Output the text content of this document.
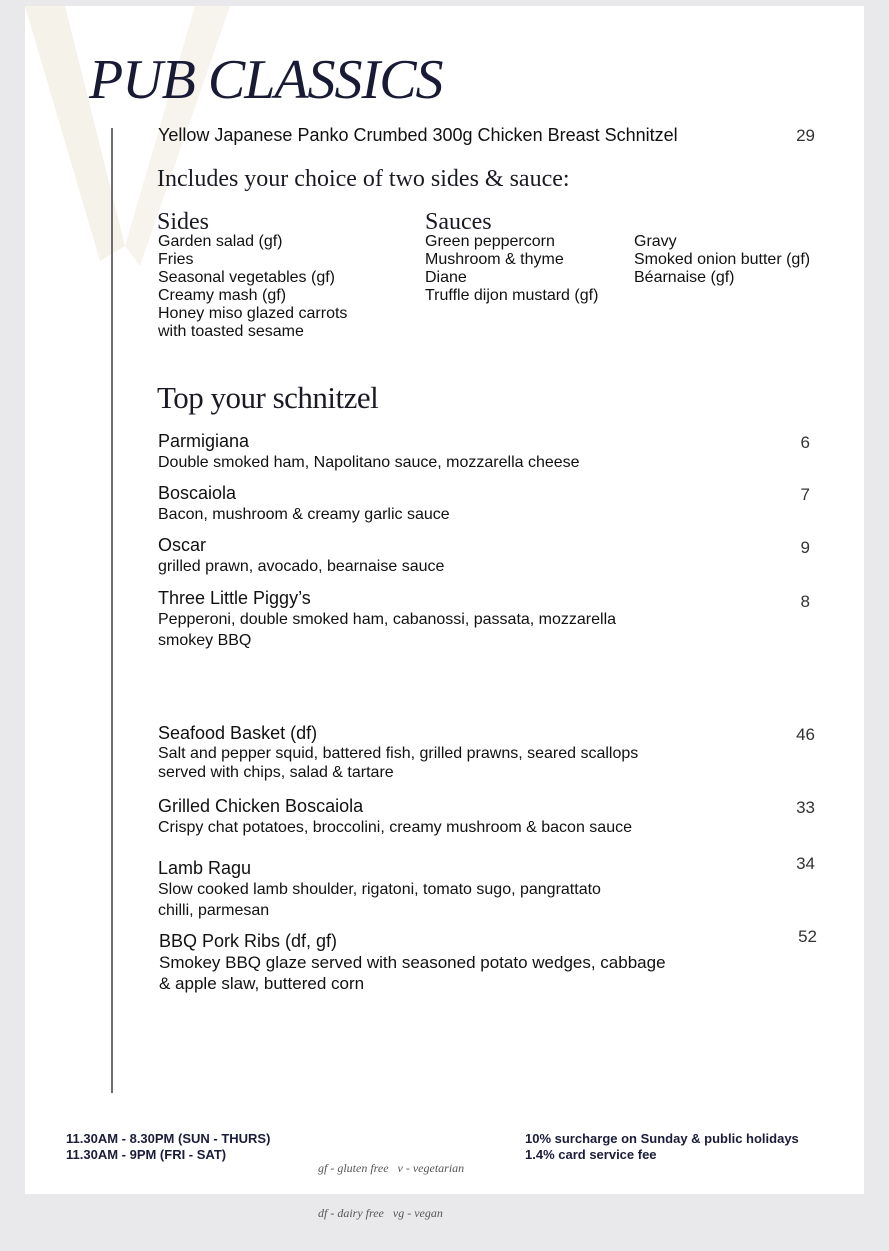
PUB CLASSICS
Yellow Japanese Panko Crumbed 300g Chicken Breast Schnitzel	29
Includes your choice of two sides & sauce:
Sides
Garden salad (gf)
Fries
Seasonal vegetables (gf)
Creamy mash (gf)
Honey miso glazed carrots
with toasted sesame
Sauces
Green peppercorn
Mushroom & thyme
Diane
Truffle dijon mustard (gf)
Gravy
Smoked onion butter (gf)
Béarnaise (gf)
Top your schnitzel
Parmigiana
Double smoked ham, Napolitano sauce, mozzarella cheese
6
Boscaiola
Bacon, mushroom & creamy garlic sauce
7
Oscar
grilled prawn, avocado, bearnaise sauce
9
Three Little Piggy’s
Pepperoni, double smoked ham, cabanossi, passata, mozzarella
smokey BBQ
8
Seafood Basket (df)
Salt and pepper squid, battered fish, grilled prawns, seared scallops
served with chips, salad & tartare
46
Grilled Chicken Boscaiola
Crispy chat potatoes, broccolini, creamy mushroom & bacon sauce
33
Lamb Ragu
Slow cooked lamb shoulder, rigatoni, tomato sugo, pangrattato
chilli, parmesan
34
BBQ Pork Ribs (df, gf)
Smokey BBQ glaze served with seasoned potato wedges, cabbage
& apple slaw, buttered corn
52
11.30AM - 8.30PM (SUN - THURS)
11.30AM - 9PM (FRI - SAT)

gf - gluten free   v - vegetarian

df - dairy free   vg - vegan

10% surcharge on Sunday & public holidays
1.4% card service fee
